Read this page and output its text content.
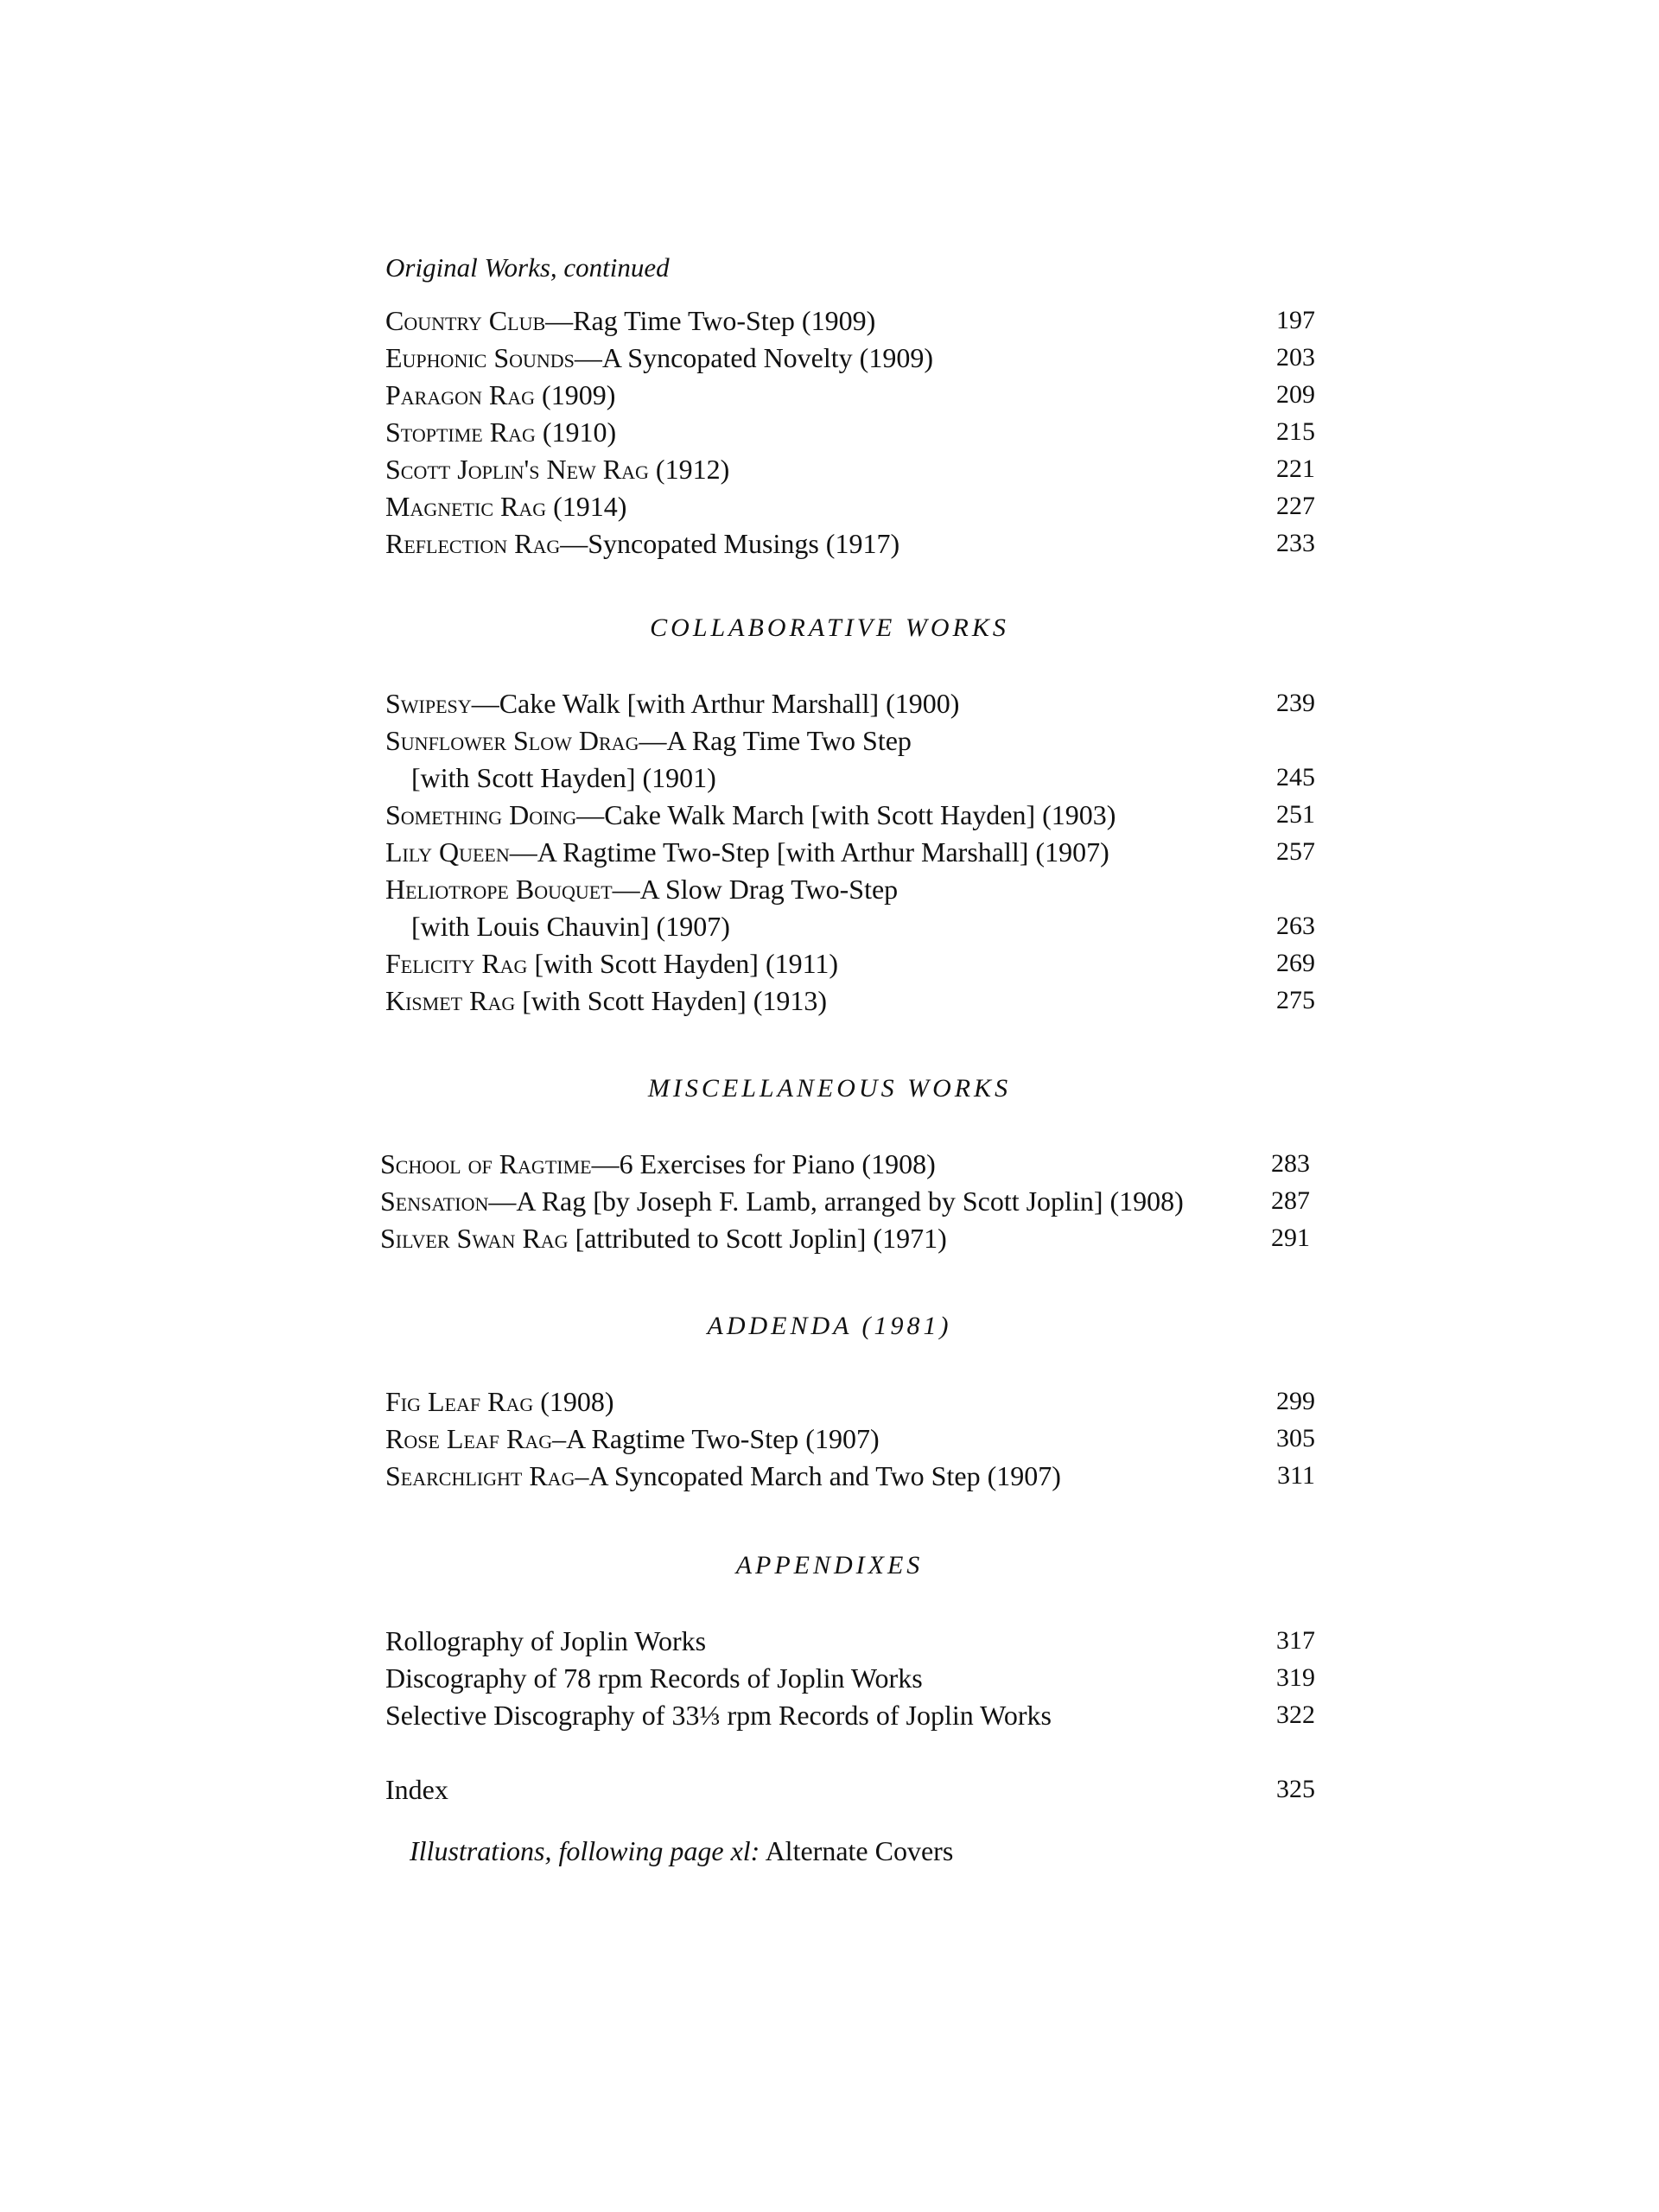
Original Works, continued
Country Club—Rag Time Two-Step (1909)	197
Euphonic Sounds—A Syncopated Novelty (1909)	203
Paragon Rag (1909)	209
Stoptime Rag (1910)	215
Scott Joplin's New Rag (1912)	221
Magnetic Rag (1914)	227
Reflection Rag—Syncopated Musings (1917)	233
COLLABORATIVE WORKS
Swipesy—Cake Walk [with Arthur Marshall] (1900)	239
Sunflower Slow Drag—A Rag Time Two Step
[with Scott Hayden] (1901)	245
Something Doing—Cake Walk March [with Scott Hayden] (1903)	251
Lily Queen—A Ragtime Two-Step [with Arthur Marshall] (1907)	257
Heliotrope Bouquet—A Slow Drag Two-Step
[with Louis Chauvin] (1907)	263
Felicity Rag [with Scott Hayden] (1911)	269
Kismet Rag [with Scott Hayden] (1913)	275
MISCELLANEOUS WORKS
School of Ragtime—6 Exercises for Piano (1908)	283
Sensation—A Rag [by Joseph F. Lamb, arranged by Scott Joplin] (1908)	287
Silver Swan Rag [attributed to Scott Joplin] (1971)	291
ADDENDA (1981)
Fig Leaf Rag (1908)	299
Rose Leaf Rag–A Ragtime Two-Step (1907)	305
Searchlight Rag–A Syncopated March and Two Step (1907)	311
APPENDIXES
Rollography of Joplin Works	317
Discography of 78 rpm Records of Joplin Works	319
Selective Discography of 33⅓ rpm Records of Joplin Works	322
Index	325
Illustrations, following page xl: Alternate Covers
